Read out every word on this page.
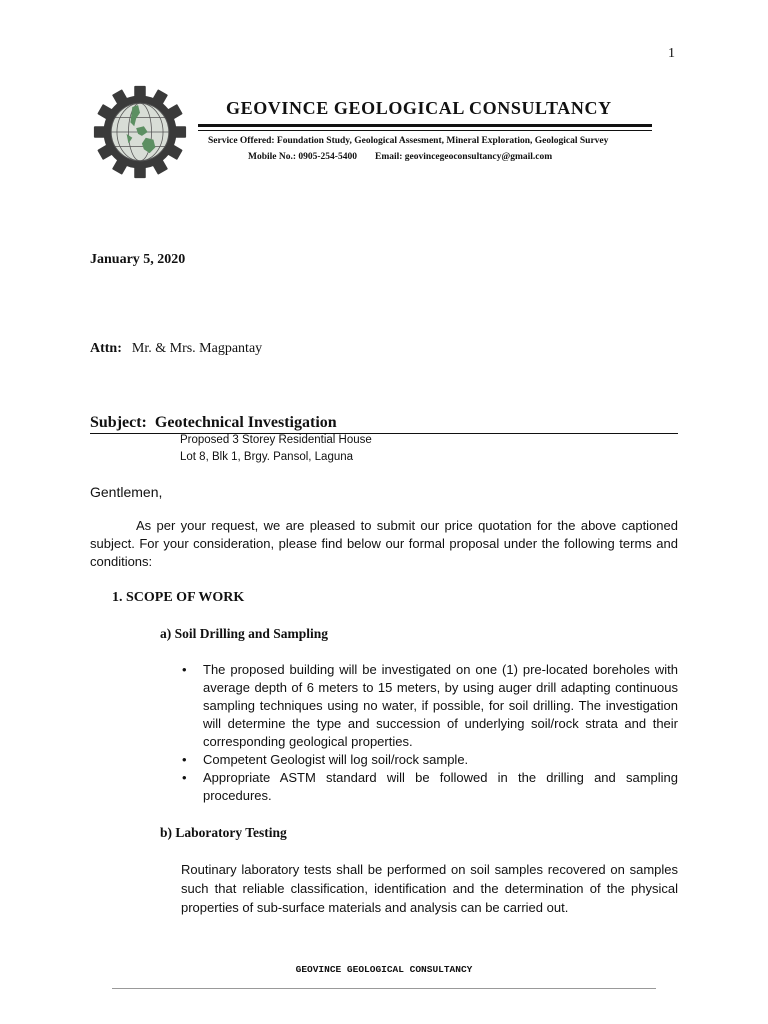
1
GEOVINCE GEOLOGICAL CONSULTANCY
Service Offered: Foundation Study, Geological Assesment, Mineral Exploration, Geological Survey
Mobile No.: 0905-254-5400 Email: geovincegeoconsultancy@gmail.com
January 5, 2020
Attn: Mr. & Mrs. Magpantay
Subject: Geotechnical Investigation
Proposed 3 Storey Residential House
Lot 8, Blk 1, Brgy. Pansol, Laguna
Gentlemen,
As per your request, we are pleased to submit our price quotation for the above captioned subject. For your consideration, please find below our formal proposal under the following terms and conditions:
1. SCOPE OF WORK
a) Soil Drilling and Sampling
• The proposed building will be investigated on one (1) pre-located boreholes with average depth of 6 meters to 15 meters, by using auger drill adapting continuous sampling techniques using no water, if possible, for soil drilling. The investigation will determine the type and succession of underlying soil/rock strata and their corresponding geological properties.
• Competent Geologist will log soil/rock sample.
• Appropriate ASTM standard will be followed in the drilling and sampling procedures.
b) Laboratory Testing
Routinary laboratory tests shall be performed on soil samples recovered on samples such that reliable classification, identification and the determination of the physical properties of sub-surface materials and analysis can be carried out.
GEOVINCE GEOLOGICAL CONSULTANCY
